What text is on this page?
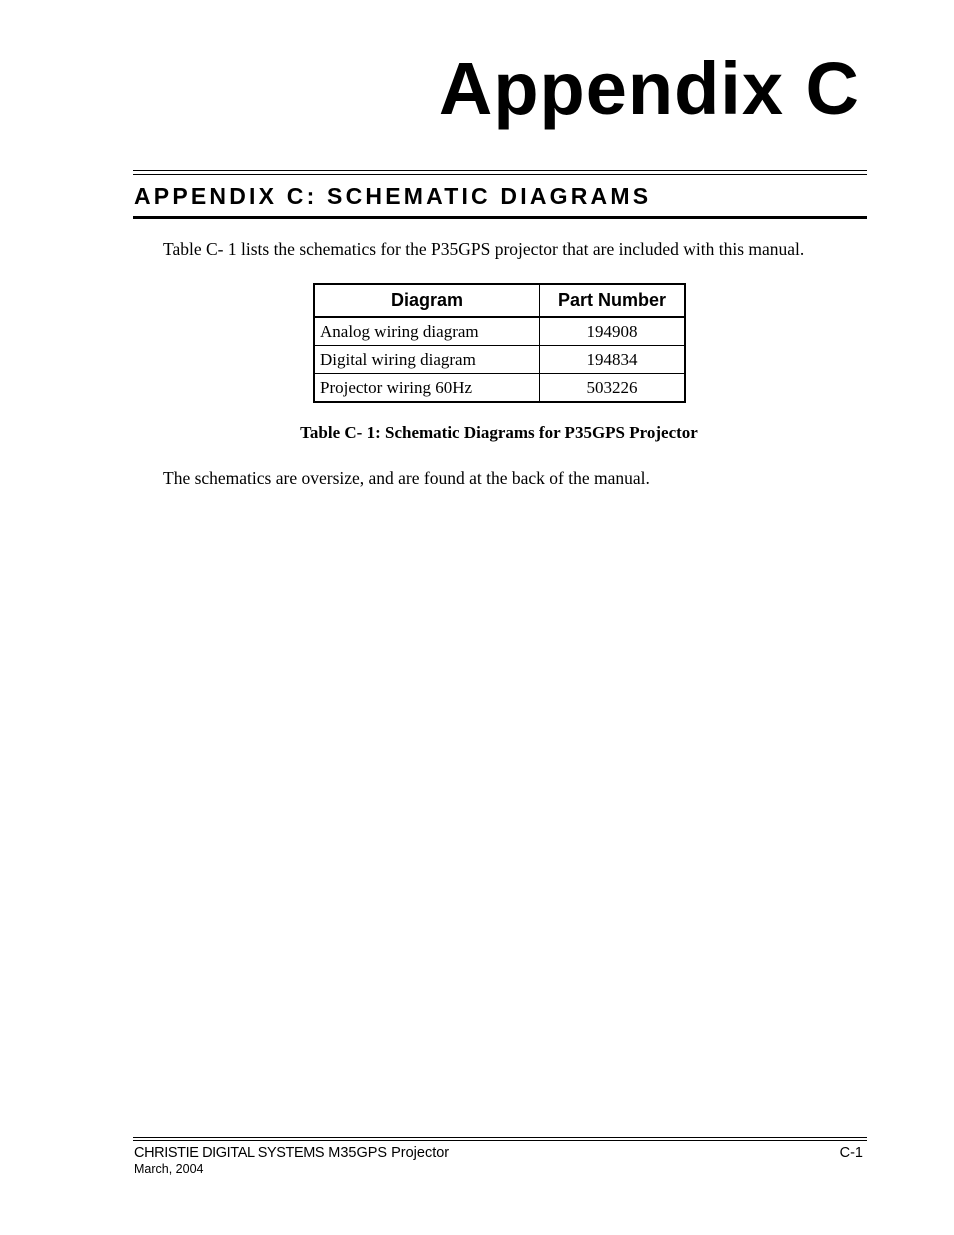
Appendix C
APPENDIX C: SCHEMATIC DIAGRAMS

Table C- 1 lists the schematics for the P35GPS projector that are included with this manual.

Diagram	Part Number
Analog wiring diagram	194908
Digital wiring diagram	194834
Projector wiring 60Hz	503226

Table C- 1: Schematic Diagrams for P35GPS Projector

The schematics are oversize, and are found at the back of the manual.

CHRISTIE DIGITAL SYSTEMS M35GPS Projector
March, 2004
C-1
